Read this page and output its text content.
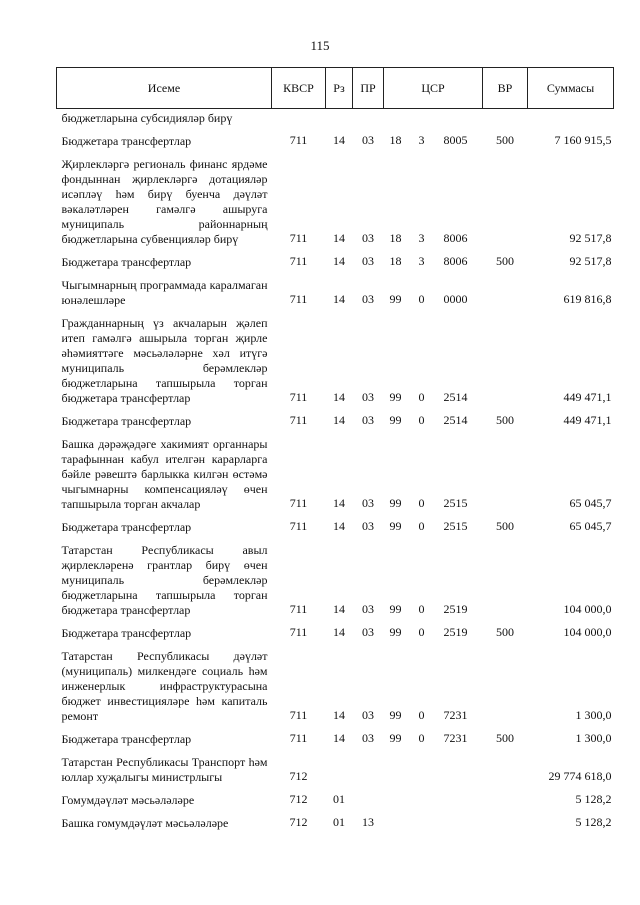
115
Исеме	КВСР	Рз	ПР	ЦСР	ВР	Суммасы
бюджетларына субсидияләр бирү				

Бюджетара трансфертлар	711	14	03	18 3 8005	500	7 160 915,5
Җирлекләргә региональ финанс ярдәме фондыннан җирлекләргә дотацияләр исәплəү һәм бирү буенча дәүләт вәкаләтләрен гамәлгә ашыруга муниципаль районнарның бюджетларына субвенцияләр бирү	711	14	03	18 3 8006		92 517,8
Бюджетара трансфертлар	711	14	03	18 3 8006	500	92 517,8
Чыгымнарның программада каралмаган юнәлешләре	711	14	03	99 0 0000		619 816,8
Гражданнарның үз акчаларын җәлеп итеп гамәлгә ашырыла торган җирле әһәмияттәге мәсьәләләрне хәл итүгә муниципаль берәмлекләр бюджетларына тапшырыла торган бюджетара трансфертлар	711	14	03	99 0 2514		449 471,1
Бюджетара трансфертлар	711	14	03	99 0 2514	500	449 471,1
Башка дәрәҗәдәге хакимият органнары тарафыннан кабул ителгән карарларга бәйле рәвештә барлыкка килгән өстәмә чыгымнарны компенсацияләү өчен тапшырыла торган акчалар	711	14	03	99 0 2515		65 045,7
Бюджетара трансфертлар	711	14	03	99 0 2515	500	65 045,7
Татарстан Республикасы авыл җирлекләренә грантлар бирү өчен муниципаль берәмлекләр бюджетларына тапшырыла торган бюджетара трансфертлар	711	14	03	99 0 2519		104 000,0
Бюджетара трансфертлар	711	14	03	99 0 2519	500	104 000,0
Татарстан Республикасы дәүләт (муниципаль) милкендәге социаль һәм инженерлык инфраструктурасына бюджет инвестицияләре һәм капиталь ремонт	711	14	03	99 0 7231		1 300,0
Бюджетара трансфертлар	711	14	03	99 0 7231	500	1 300,0
Татарстан Республикасы Транспорт һәм юллар хуҗалыгы министрлыгы	712					29 774 618,0
Гомумдәүләт мәсьәләләре	712	01				5 128,2
Башка гомумдәүләт мәсьәләләре	712	01	13			5 128,2
